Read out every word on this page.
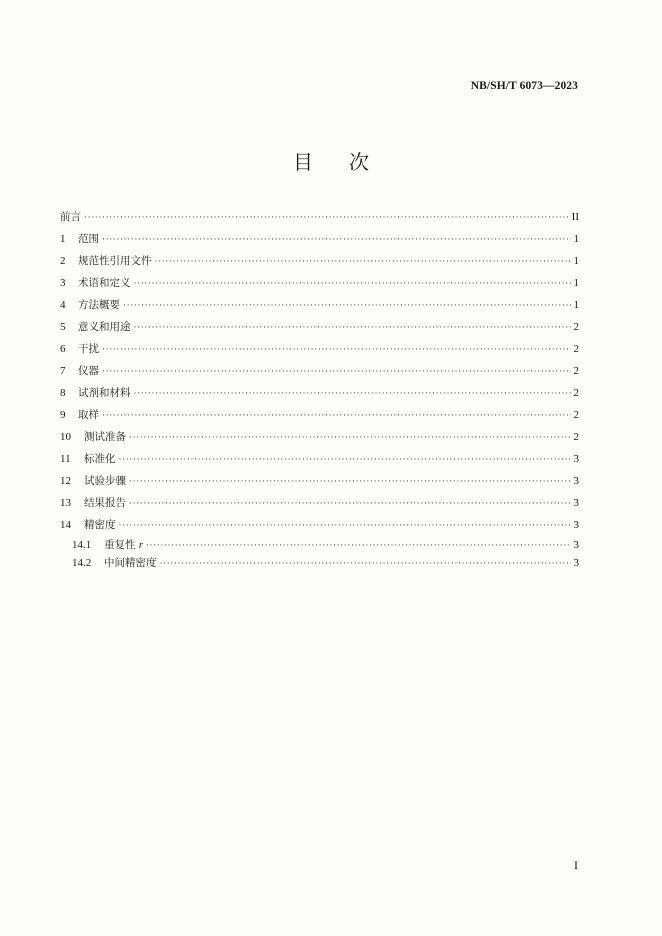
NB/SH/T 6073—2023
目次
前言 ·····	II
1	范围 ·····	1
2	规范性引用文件 ·····	1
3	术语和定义 ·····	1
4	方法概要 ·····	1
5	意义和用途 ·····	2
6	干扰 ·····	2
7	仪器 ·····	2
8	试剂和材料 ·····	2
9	取样 ·····	2
10	测试准备 ·····	2
11	标准化 ·····	3
12	试验步骤 ·····	3
13	结果报告 ·····	3
14	精密度 ·····	3
14.1	重复性 r ·····	3
14.2	中间精密度 ·····	3
I
